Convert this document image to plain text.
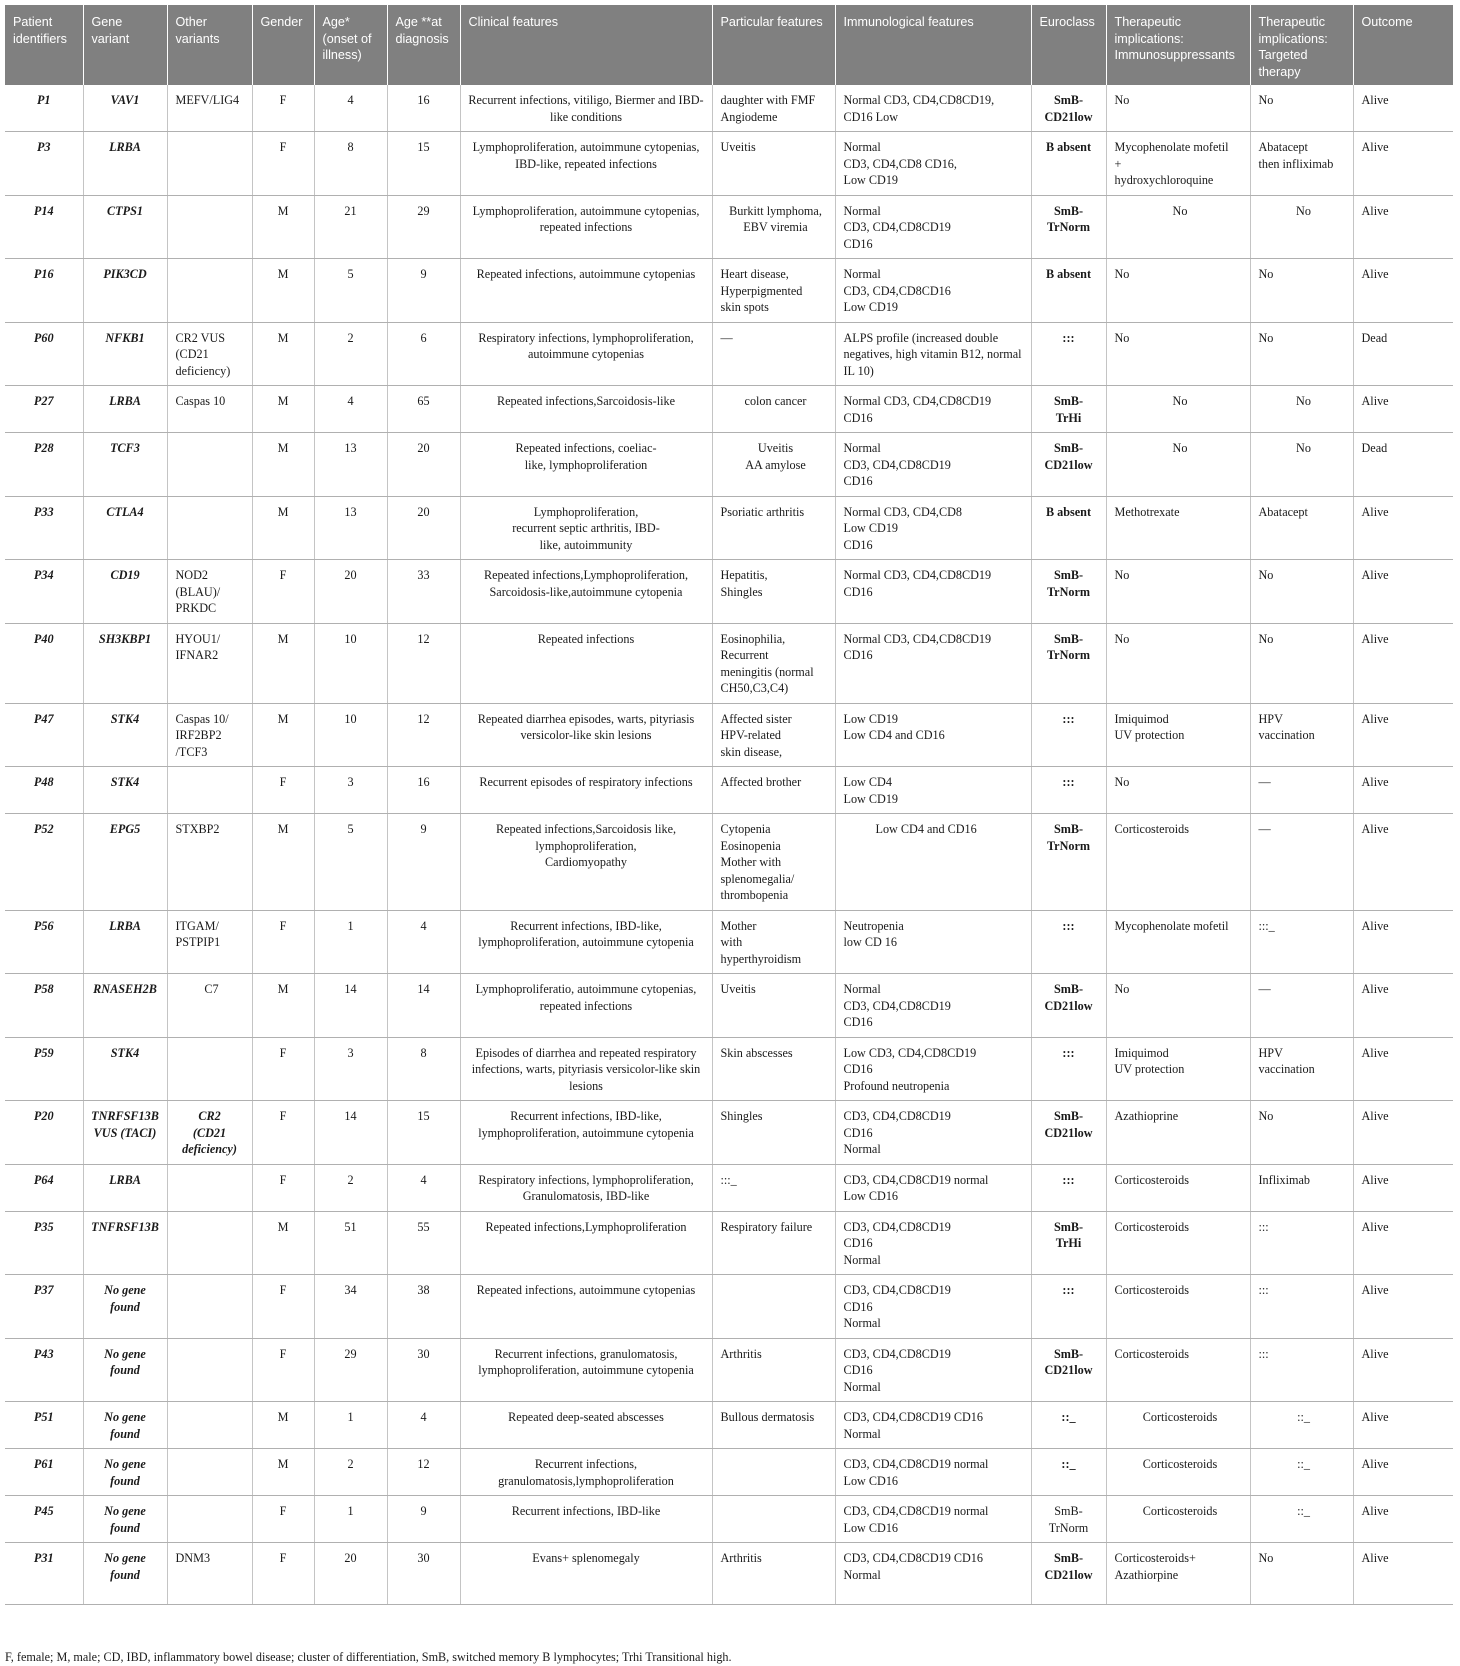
Patient identifiers	Gene variant	Other variants	Gender	Age* (onset of illness)	Age **at diagnosis	Clinical features	Particular features	Immunological features	Euroclass	Therapeutic implications: Immunosuppressants	Therapeutic implications: Targeted therapy	Outcome
P1	VAV1	MEFV/LIG4	F	4	16	Recurrent infections, vitiligo, Biermer and IBD-like conditions	daughter with FMF
Angiodeme	Normal CD3, CD4,CD8CD19,
CD16 Low	SmB-
CD21low	No	No	Alive
P3	LRBA		F	8	15	Lymphoproliferation, autoimmune cytopenias, IBD-like, repeated infections	Uveitis	Normal
CD3, CD4,CD8 CD16,
Low CD19	B absent	Mycophenolate mofetil
+
hydroxychloroquine	Abatacept
then infliximab	Alive
P14	CTPS1		M	21	29	Lymphoproliferation, autoimmune cytopenias, repeated infections	Burkitt lymphoma,
EBV viremia	Normal
CD3, CD4,CD8CD19
CD16	SmB-
TrNorm	No	No	Alive
P16	PIK3CD		M	5	9	Repeated infections, autoimmune cytopenias	Heart disease,
Hyperpigmented
skin spots	Normal
CD3, CD4,CD8CD16
Low CD19	B absent	No	No	Alive
P60	NFKB1	CR2 VUS
(CD21
deficiency)	M	2	6	Respiratory infections, lymphoproliferation, autoimmune cytopenias	—	ALPS profile (increased double negatives, high vitamin B12, normal IL 10)	:::	No	No	Dead
P27	LRBA	Caspas 10	M	4	65	Repeated infections,Sarcoidosis-like	colon cancer	Normal CD3, CD4,CD8CD19
CD16	SmB-
TrHi	No	No	Alive
P28	TCF3		M	13	20	Repeated infections, coeliac-
like, lymphoproliferation	Uveitis
AA amylose	Normal
CD3, CD4,CD8CD19
CD16	SmB-
CD21low	No	No	Dead
P33	CTLA4		M	13	20	Lymphoproliferation,
recurrent septic arthritis, IBD-
like, autoimmunity	Psoriatic arthritis	Normal CD3, CD4,CD8
Low CD19
CD16	B absent	Methotrexate	Abatacept	Alive
P34	CD19	NOD2
(BLAU)/
PRKDC	F	20	33	Repeated infections,Lymphoproliferation, Sarcoidosis-like,autoimmune cytopenia	Hepatitis,
Shingles	Normal CD3, CD4,CD8CD19
CD16	SmB-
TrNorm	No	No	Alive
P40	SH3KBP1	HYOU1/
IFNAR2	M	10	12	Repeated infections	Eosinophilia,
Recurrent
meningitis (normal
CH50,C3,C4)	Normal CD3, CD4,CD8CD19
CD16	SmB-
TrNorm	No	No	Alive
P47	STK4	Caspas 10/
IRF2BP2
/TCF3	M	10	12	Repeated diarrhea episodes, warts, pityriasis versicolor-like skin lesions	Affected sister
HPV-related
skin disease,	Low CD19
Low CD4 and CD16	:::	Imiquimod
UV protection	HPV
vaccination	Alive
P48	STK4		F	3	16	Recurrent episodes of respiratory infections	Affected brother	Low CD4
Low CD19	:::	No	—	Alive
P52	EPG5	STXBP2	M	5	9	Repeated infections,Sarcoidosis like,
lymphoproliferation,
Cardiomyopathy	Cytopenia
Eosinopenia
Mother with
splenomegalia/
thrombopenia	Low CD4 and CD16	SmB-
TrNorm	Corticosteroids	—	Alive
P56	LRBA	ITGAM/
PSTPIP1	F	1	4	Recurrent infections, IBD-like,
lymphoproliferation, autoimmune cytopenia	Mother
with
hyperthyroidism	Neutropenia
low CD 16	:::	Mycophenolate mofetil	:::_	Alive
P58	RNASEH2B	C7	M	14	14	Lymphoproliferatio, autoimmune cytopenias,
repeated infections	Uveitis	Normal
CD3, CD4,CD8CD19
CD16	SmB-
CD21low	No	—	Alive
P59	STK4		F	3	8	Episodes of diarrhea and repeated respiratory infections, warts, pityriasis versicolor-like skin lesions	Skin abscesses	Low CD3, CD4,CD8CD19
CD16
Profound neutropenia	:::	Imiquimod
UV protection	HPV
vaccination	Alive
P20	TNRFSF13B
VUS (TACI)	CR2
(CD21
deficiency)	F	14	15	Recurrent infections, IBD-like,
lymphoproliferation, autoimmune cytopenia	Shingles	CD3, CD4,CD8CD19
CD16
Normal	SmB-
CD21low	Azathioprine	No	Alive
P64	LRBA		F	2	4	Respiratory infections, lymphoproliferation,
Granulomatosis, IBD-like	:::_	CD3, CD4,CD8CD19 normal
Low CD16	:::	Corticosteroids	Infliximab	Alive
P35	TNFRSF13B		M	51	55	Repeated infections,Lymphoproliferation	Respiratory failure	CD3, CD4,CD8CD19
CD16
Normal	SmB-
TrHi	Corticosteroids	:::	Alive
P37	No gene
found		F	34	38	Repeated infections, autoimmune cytopenias		CD3, CD4,CD8CD19
CD16
Normal	:::	Corticosteroids	:::	Alive
P43	No gene
found		F	29	30	Recurrent infections, granulomatosis,
lymphoproliferation, autoimmune cytopenia	Arthritis	CD3, CD4,CD8CD19
CD16
Normal	SmB-
CD21low	Corticosteroids	:::	Alive
P51	No gene
found		M	1	4	Repeated deep-seated abscesses	Bullous dermatosis	CD3, CD4,CD8CD19 CD16
Normal	::_	Corticosteroids	::_	Alive
P61	No gene
found		M	2	12	Recurrent infections,
granulomatosis,lymphoproliferation		CD3, CD4,CD8CD19 normal
Low CD16	::_	Corticosteroids	::_	Alive
P45	No gene
found		F	1	9	Recurrent infections, IBD-like		CD3, CD4,CD8CD19 normal
Low CD16	SmB-
TrNorm	Corticosteroids	::_	Alive
P31	No gene
found	DNM3	F	20	30	Evans+ splenomegaly	Arthritis	CD3, CD4,CD8CD19 CD16
Normal	SmB-
CD21low	Corticosteroids+
Azathiorpine	No	Alive
F, female; M, male; CD, IBD, inflammatory bowel disease; cluster of differentiation, SmB, switched memory B lymphocytes; Trhi Transitional high.
